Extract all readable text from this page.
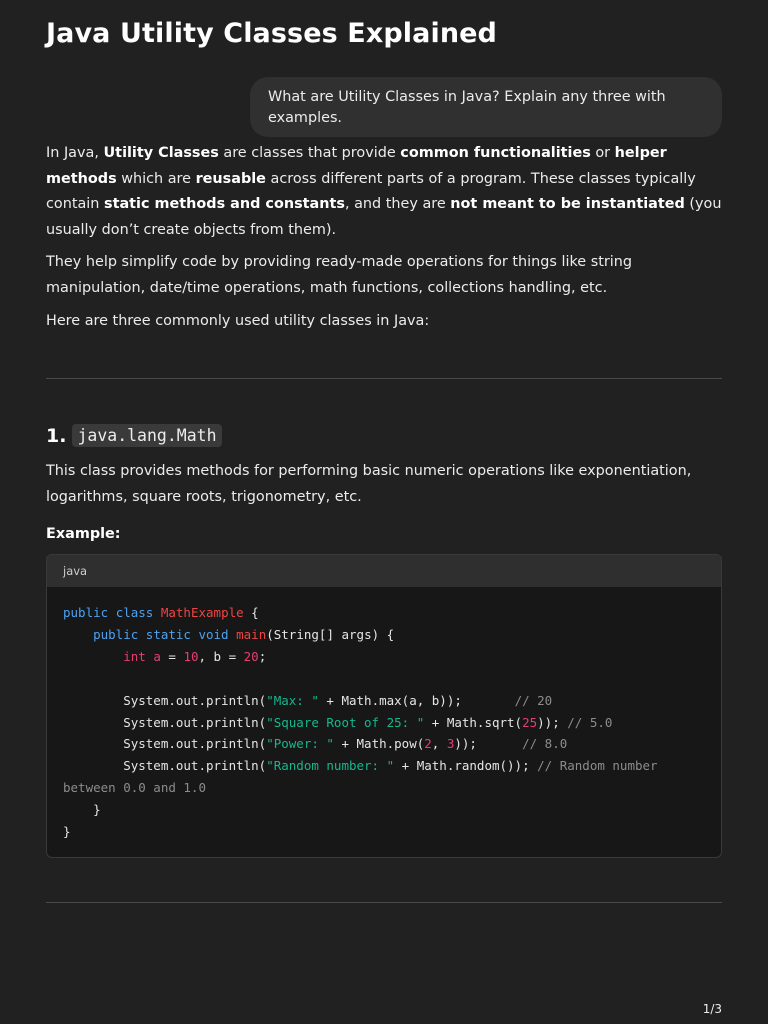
Java Utility Classes Explained
What are Utility Classes in Java? Explain any three with examples.
In Java, Utility Classes are classes that provide common functionalities or helper methods which are reusable across different parts of a program. These classes typically contain static methods and constants, and they are not meant to be instantiated (you usually don’t create objects from them).
They help simplify code by providing ready-made operations for things like string manipulation, date/time operations, math functions, collections handling, etc.
Here are three commonly used utility classes in Java:
1. java.lang.Math
This class provides methods for performing basic numeric operations like exponentiation, logarithms, square roots, trigonometry, etc.
Example:
java
public class MathExample {
public static void main(String[] args) {
int a = 10, b = 20;

System.out.println("Max: " + Math.max(a, b));       // 20
System.out.println("Square Root of 25: " + Math.sqrt(25)); // 5.0
System.out.println("Power: " + Math.pow(2, 3));      // 8.0
System.out.println("Random number: " + Math.random()); // Random number
between 0.0 and 1.0
}
}
1/3
